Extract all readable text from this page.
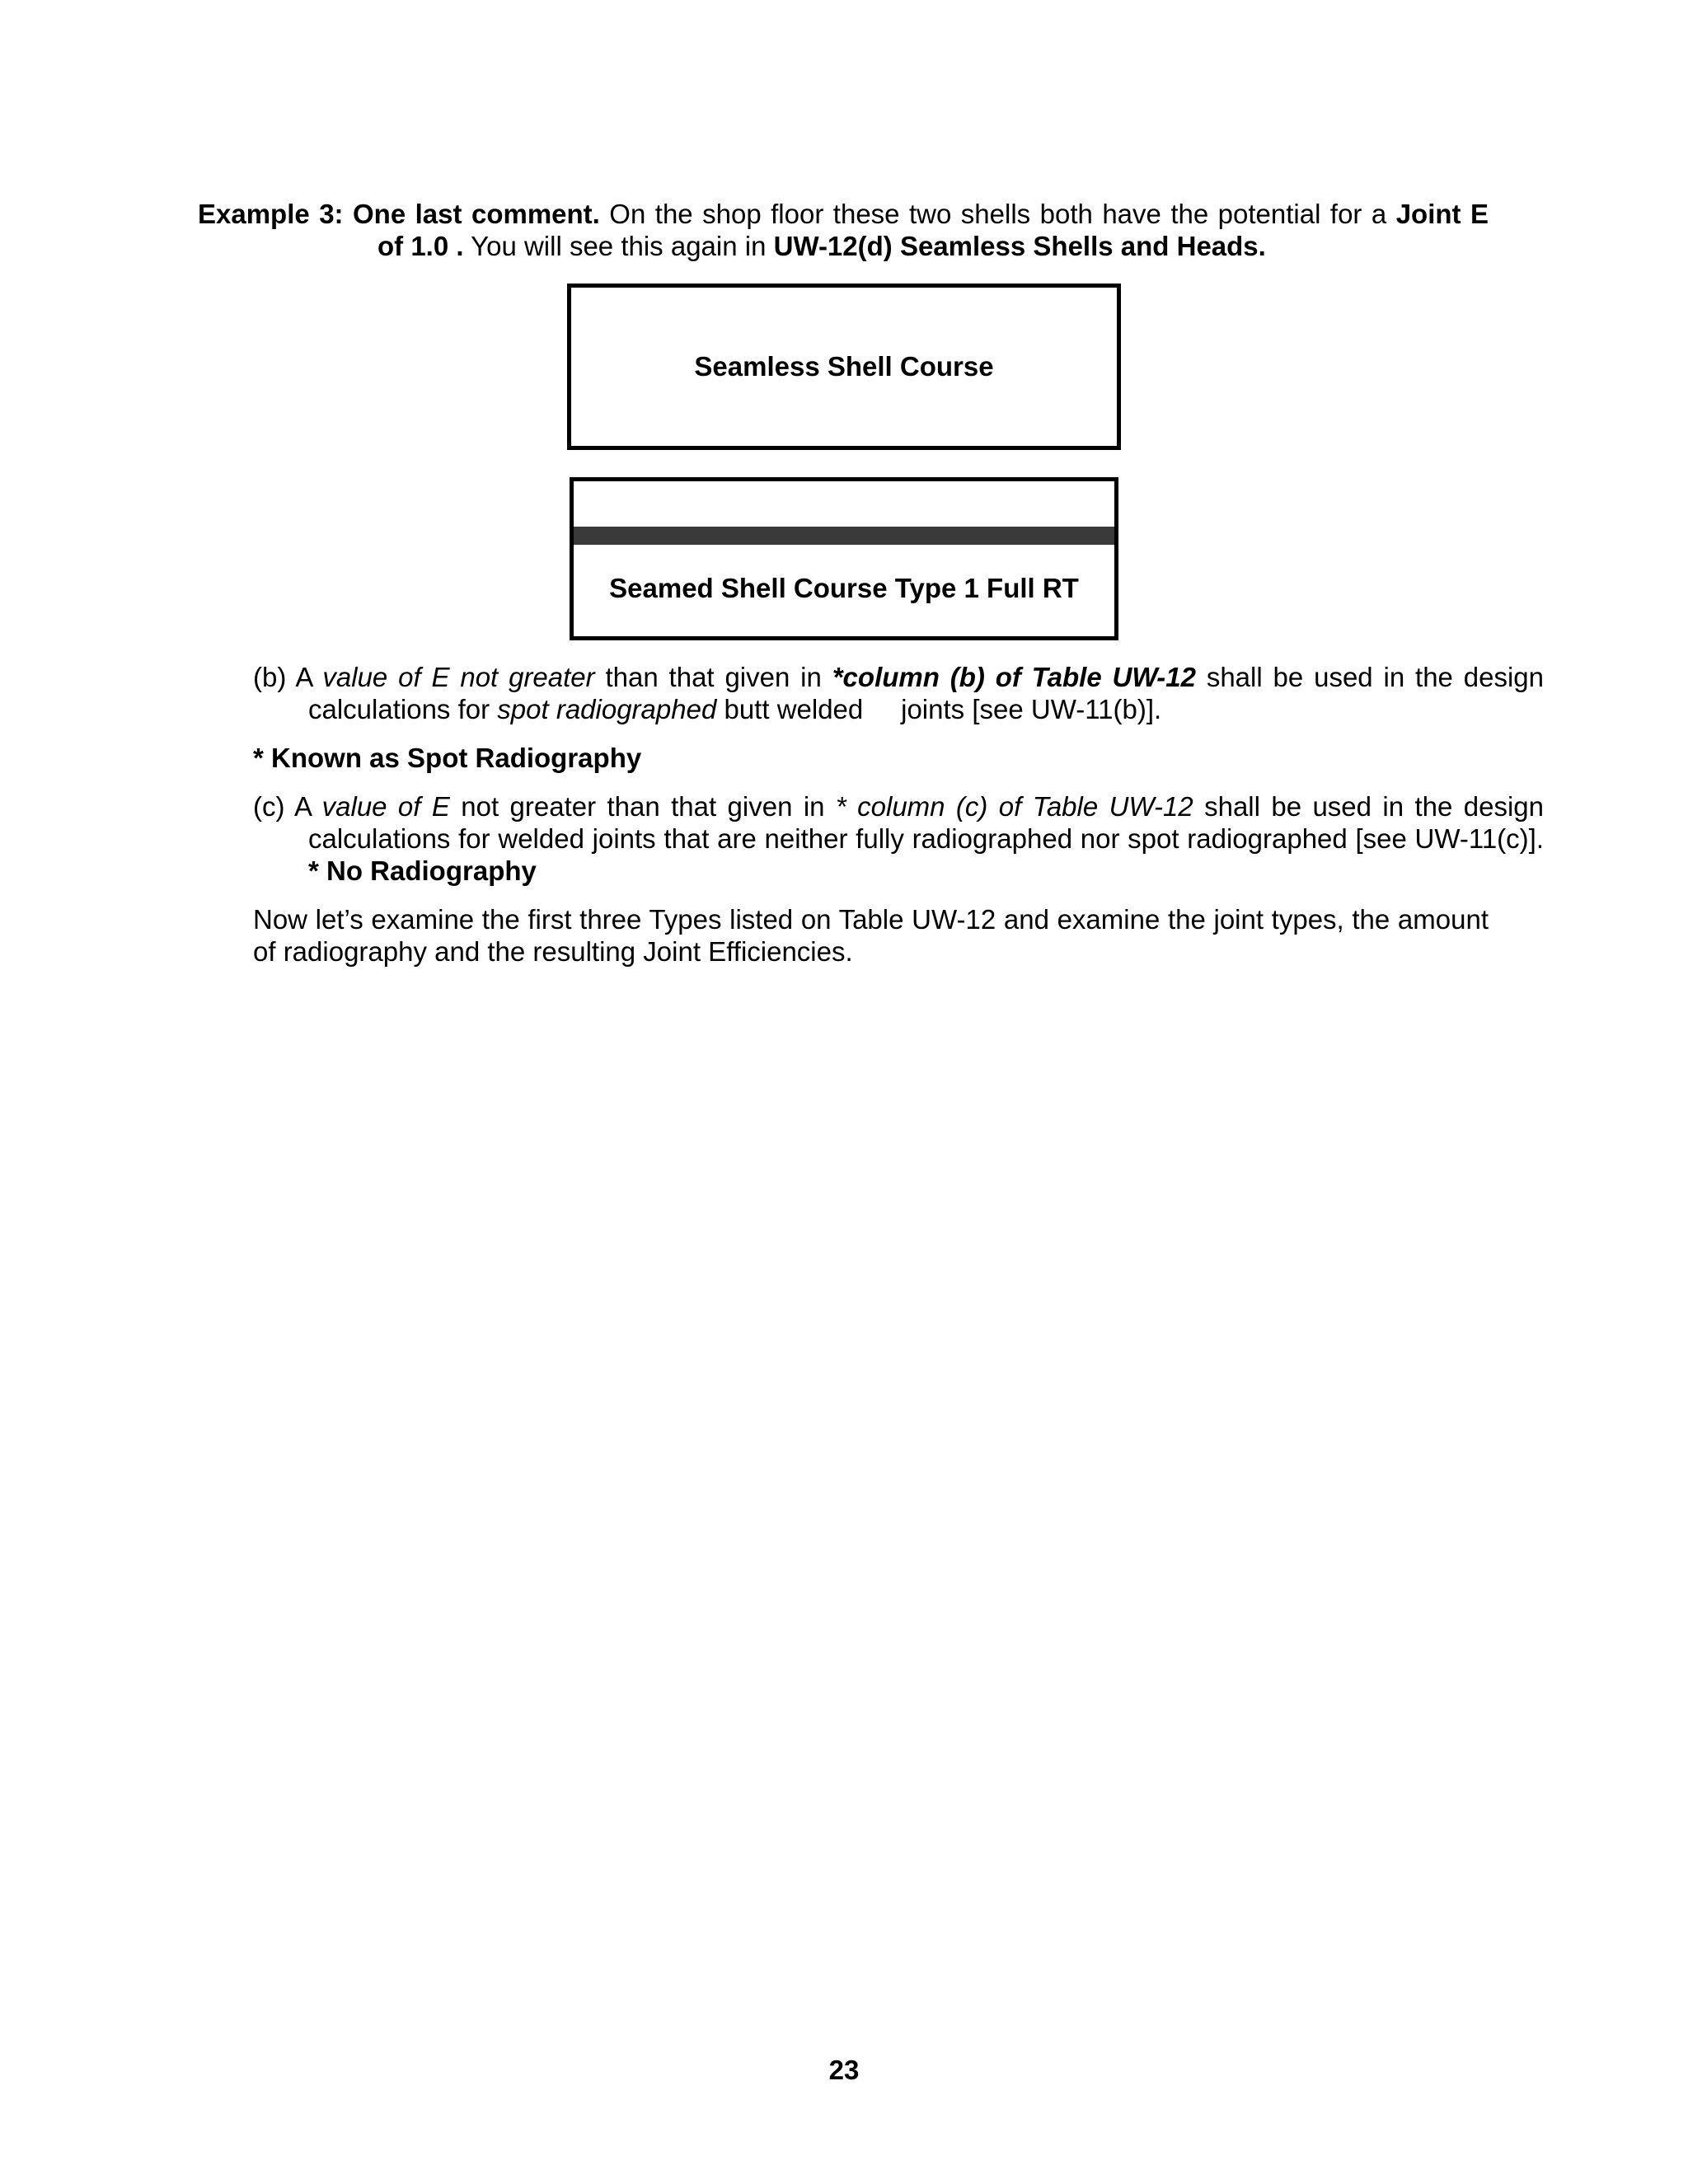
Example 3: One last comment. On the shop floor these two shells both have the potential for a Joint E
of 1.0 . You will see this again in UW-12(d) Seamless Shells and Heads.
Seamless Shell Course
Seamed Shell Course Type 1 Full RT
(b) A value of E not greater than that given in *column (b) of Table UW-12 shall be used in the design calculations for spot radiographed butt welded     joints [see UW-11(b)].
* Known as Spot Radiography
(c) A value of E not greater than that given in * column (c) of Table UW-12 shall be used in the design calculations for welded joints that are neither fully radiographed nor spot radiographed [see UW-11(c)]. * No Radiography
Now let’s examine the first three Types listed on Table UW-12 and examine the joint types, the amount of radiography and the resulting Joint Efficiencies.
23
